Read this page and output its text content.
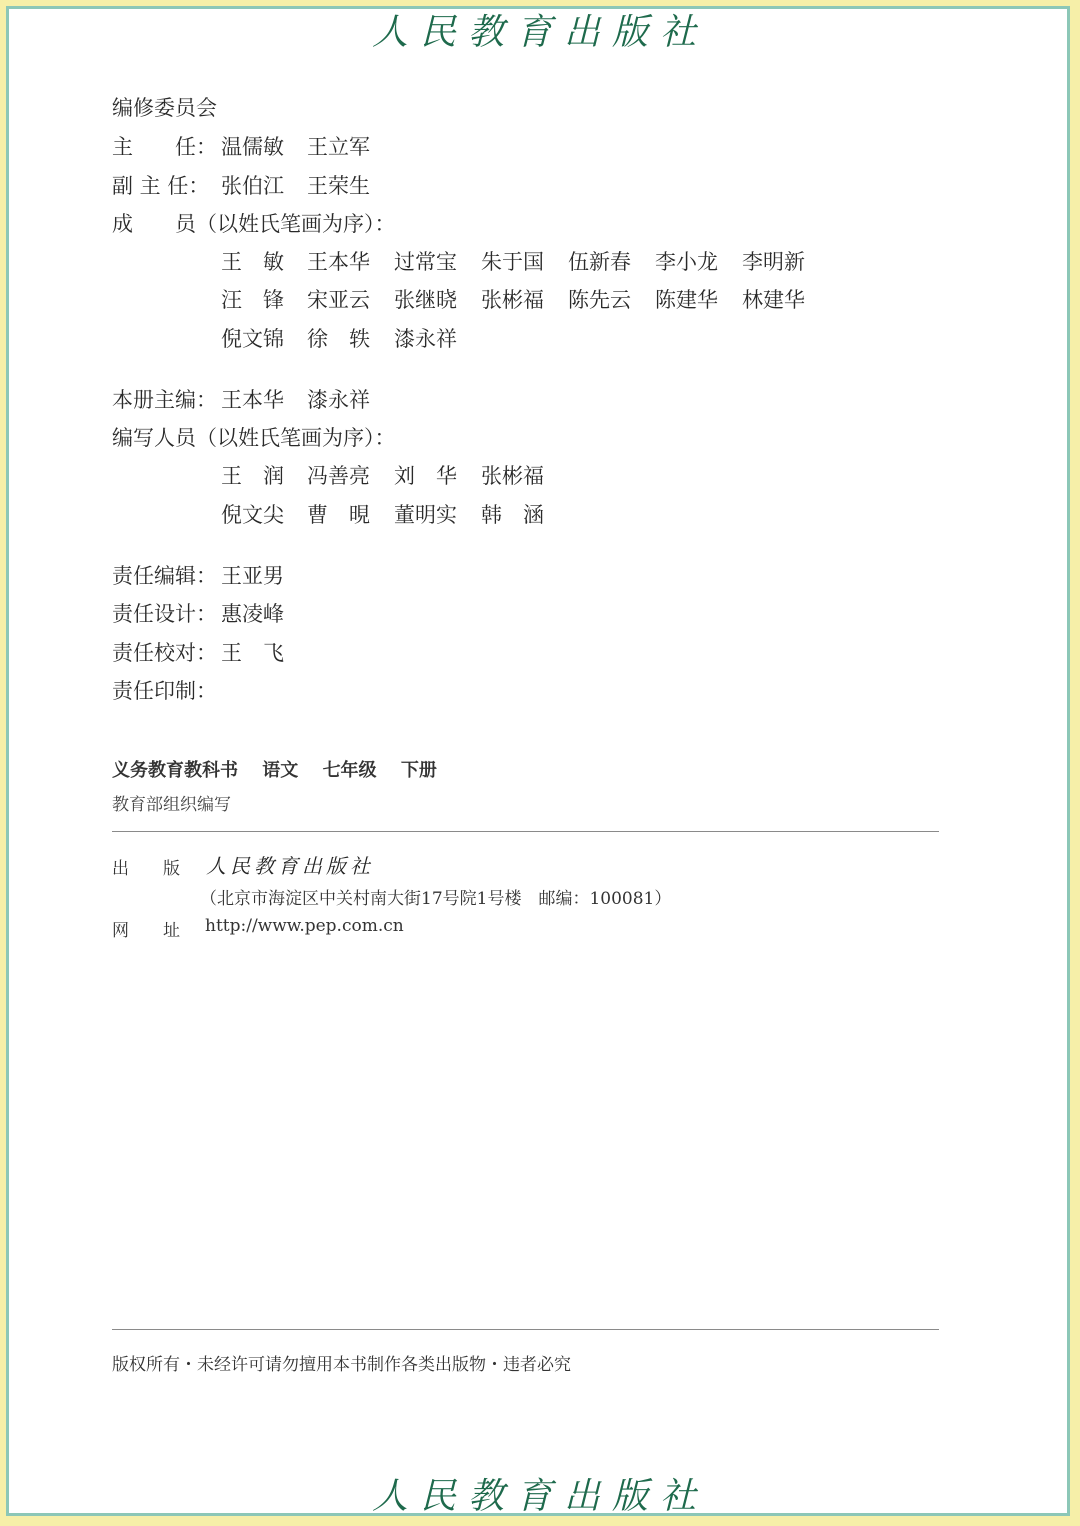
人民教育出版社
编修委员会
主　　任： 温儒敏 王立军
副 主 任： 张伯江 王荣生
成　　员（以姓氏笔画为序）：
王　敏 王本华 过常宝 朱于国 伍新春 李小龙 李明新
汪　锋 宋亚云 张继晓 张彬福 陈先云 陈建华 林建华
倪文锦 徐　轶 漆永祥
本册主编： 王本华 漆永祥
编写人员（以姓氏笔画为序）：
王　润 冯善亮 刘　华 张彬福
倪文尖 曹　晛 董明实 韩　涵
责任编辑： 王亚男
责任设计： 惠凌峰
责任校对： 王　飞
责任印制：
义务教育教科书 语文 七年级 下册
教育部组织编写
出　　版 人民教育出版社
（北京市海淀区中关村南大街17号院1号楼　邮编：100081）
网　　址 http://www.pep.com.cn
版权所有・未经许可请勿擅用本书制作各类出版物・违者必究
人民教育出版社
